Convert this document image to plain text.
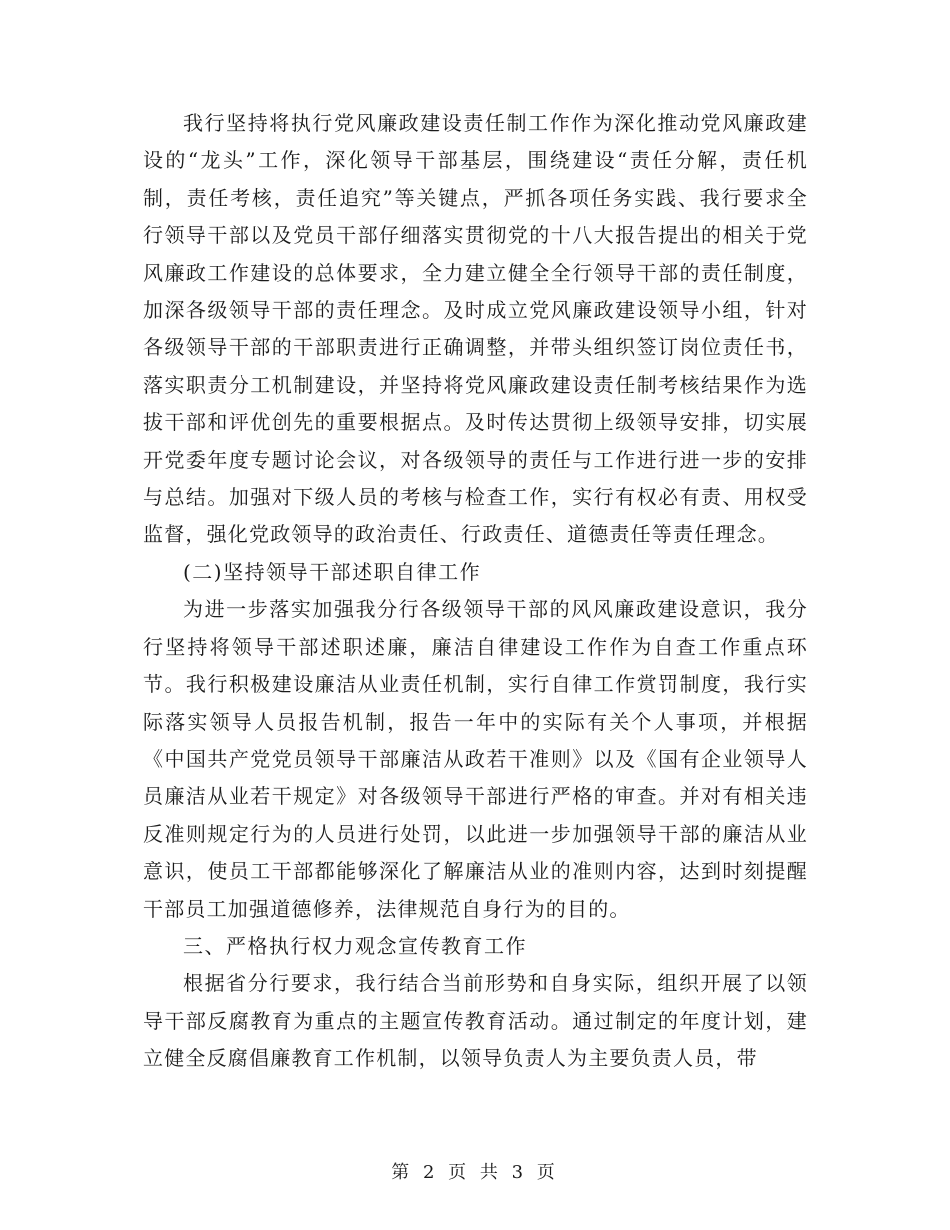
我行坚持将执行党风廉政建设责任制工作作为深化推动党风廉政建设的“龙头”工作，深化领导干部基层，围绕建设“责任分解，责任机制，责任考核，责任追究”等关键点，严抓各项任务实践、我行要求全行领导干部以及党员干部仔细落实贯彻党的十八大报告提出的相关于党风廉政工作建设的总体要求，全力建立健全全行领导干部的责任制度，加深各级领导干部的责任理念。及时成立党风廉政建设领导小组，针对各级领导干部的干部职责进行正确调整，并带头组织签订岗位责任书，落实职责分工机制建设，并坚持将党风廉政建设责任制考核结果作为选拔干部和评优创先的重要根据点。及时传达贯彻上级领导安排，切实展开党委年度专题讨论会议，对各级领导的责任与工作进行进一步的安排与总结。加强对下级人员的考核与检查工作，实行有权必有责、用权受监督，强化党政领导的政治责任、行政责任、道德责任等责任理念。

(二)坚持领导干部述职自律工作

为进一步落实加强我分行各级领导干部的风风廉政建设意识，我分行坚持将领导干部述职述廉，廉洁自律建设工作作为自查工作重点环节。我行积极建设廉洁从业责任机制，实行自律工作赏罚制度，我行实际落实领导人员报告机制，报告一年中的实际有关个人事项，并根据《中国共产党党员领导干部廉洁从政若干准则》以及《国有企业领导人员廉洁从业若干规定》对各级领导干部进行严格的审查。并对有相关违反准则规定行为的人员进行处罚，以此进一步加强领导干部的廉洁从业意识，使员工干部都能够深化了解廉洁从业的准则内容，达到时刻提醒干部员工加强道德修养，法律规范自身行为的目的。

三、严格执行权力观念宣传教育工作

根据省分行要求，我行结合当前形势和自身实际，组织开展了以领导干部反腐教育为重点的主题宣传教育活动。通过制定的年度计划，建立健全反腐倡廉教育工作机制，以领导负责人为主要负责人员，带

第 2 页 共 3 页
